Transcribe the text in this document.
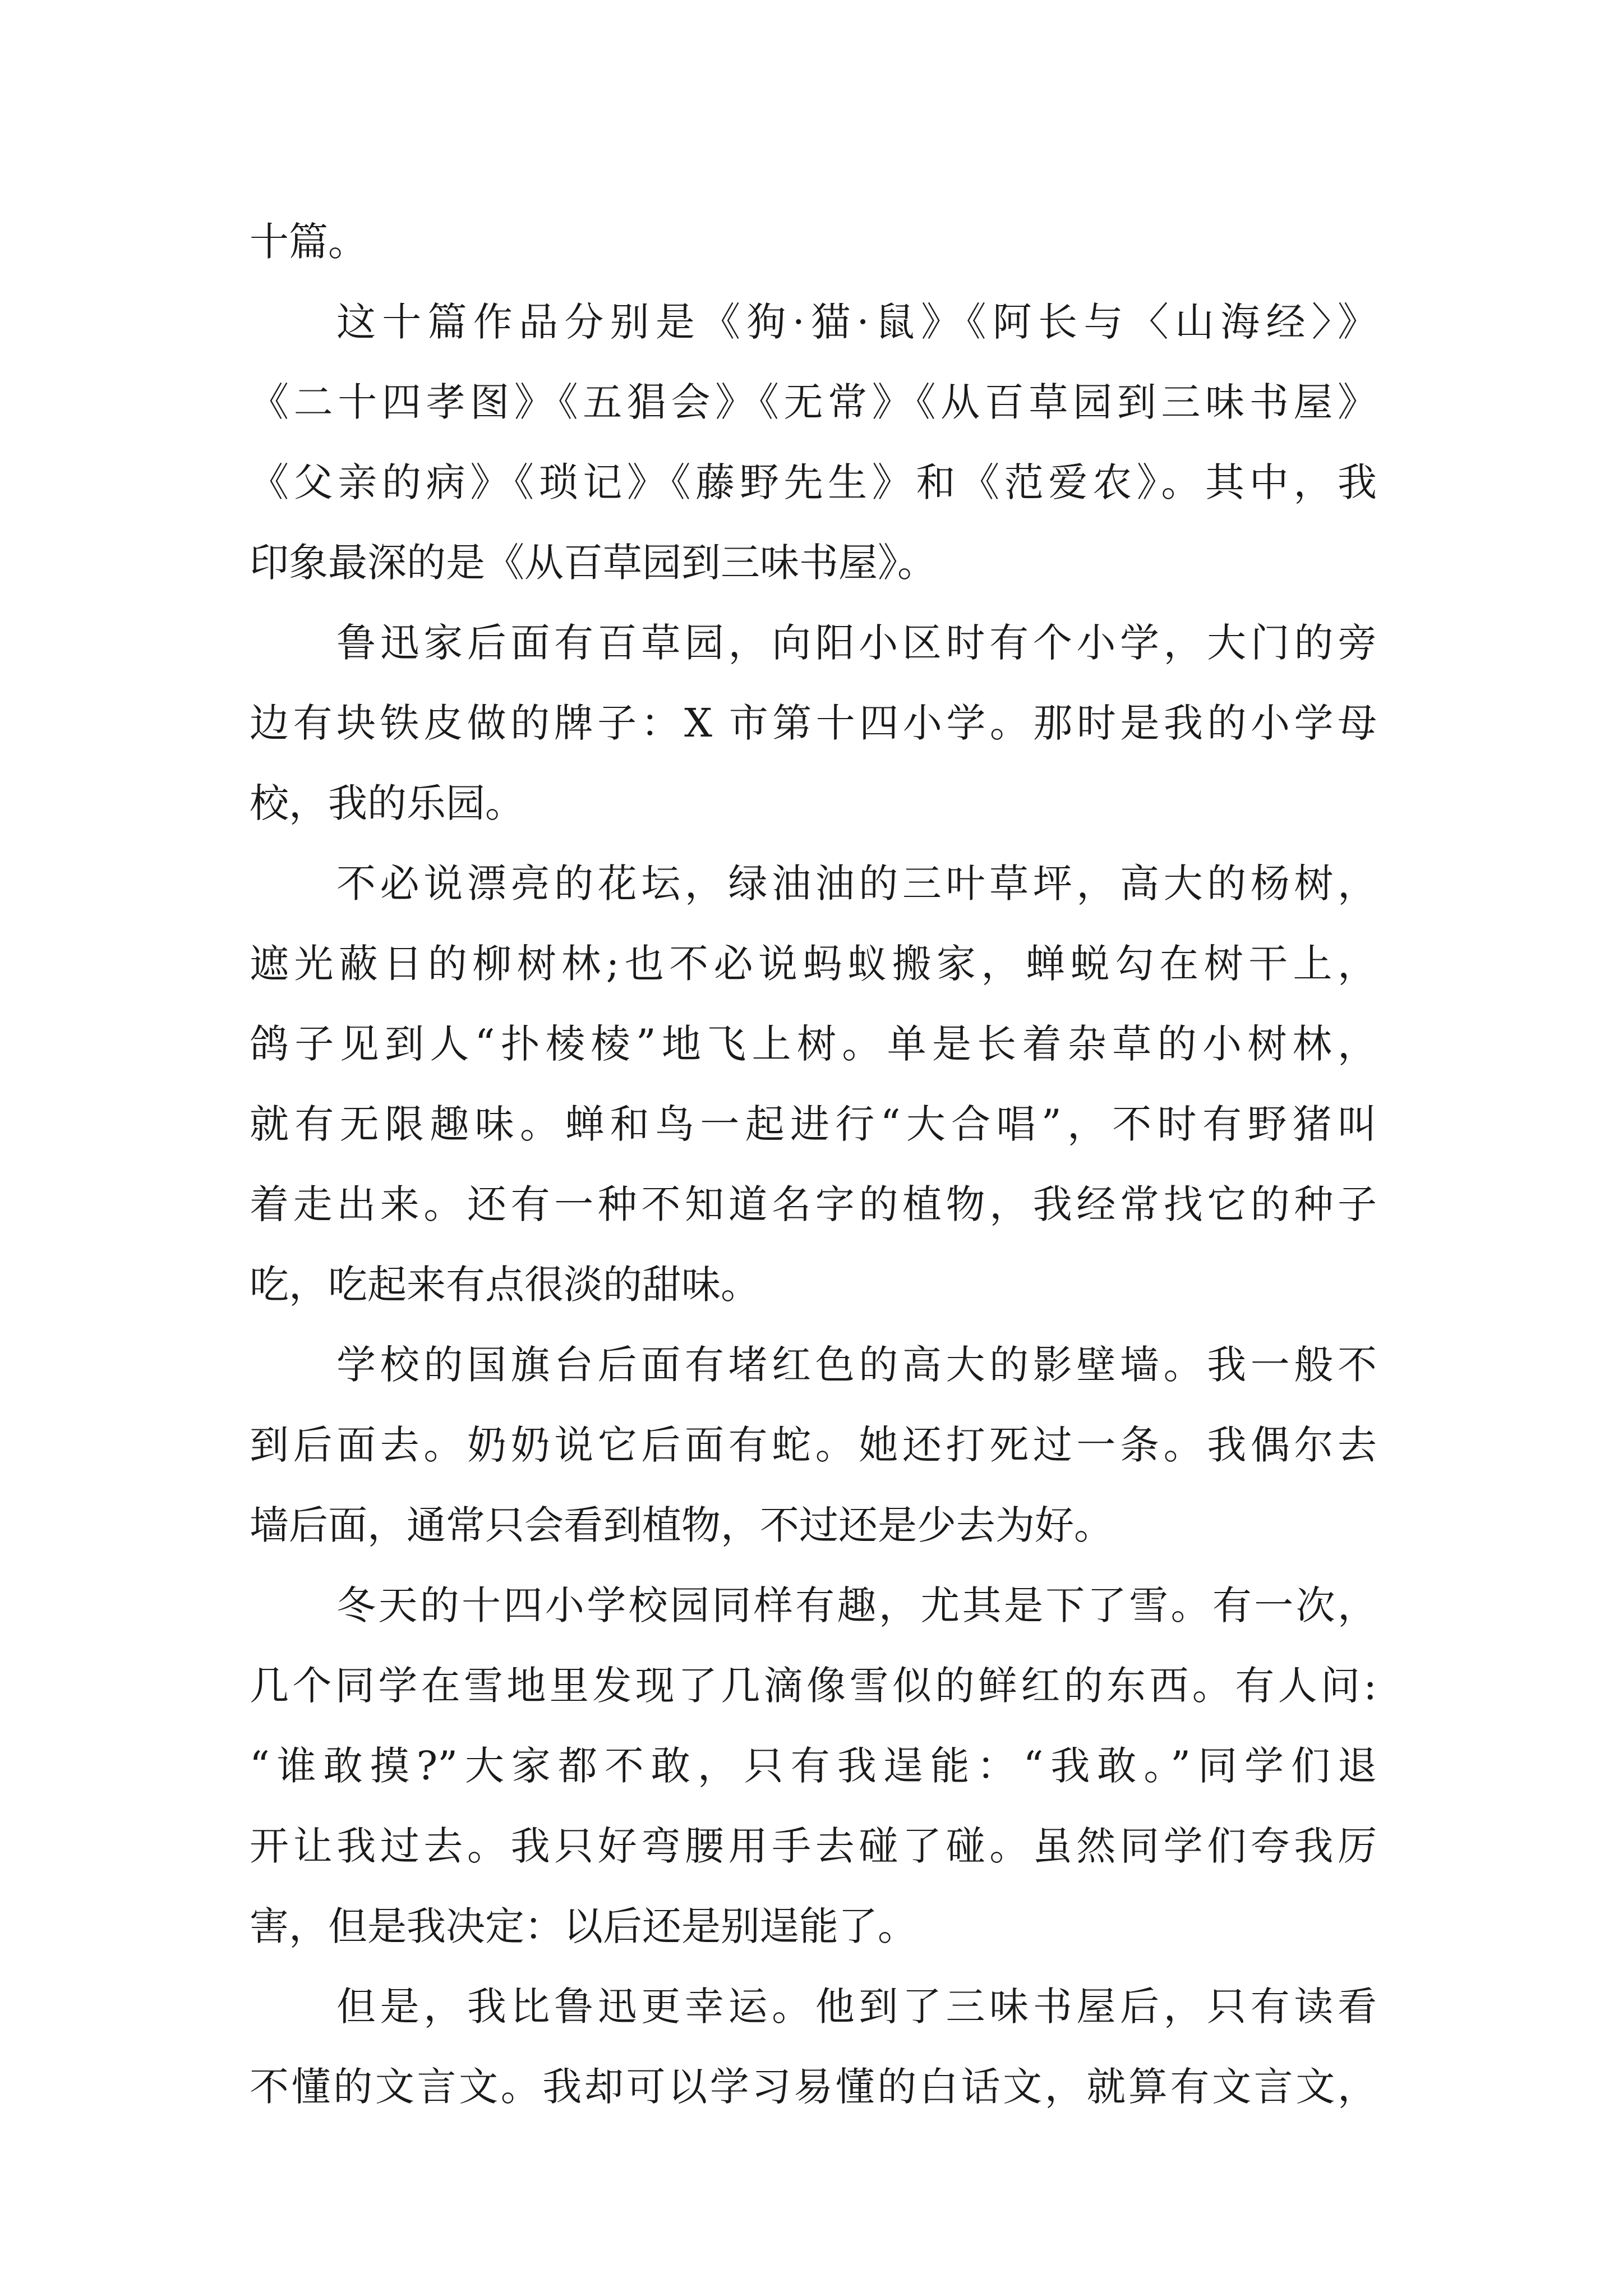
十篇。
这十篇作品分别是《狗·猫·鼠》《阿长与〈山海经〉》
《二十四孝图》《五猖会》《无常》《从百草园到三味书屋》
《父亲的病》《琐记》《藤野先生》和《范爱农》。其中，我
印象最深的是《从百草园到三味书屋》。
鲁迅家后面有百草园，向阳小区时有个小学，大门的旁
边有块铁皮做的牌子：X 市第十四小学。那时是我的小学母
校，我的乐园。
不必说漂亮的花坛，绿油油的三叶草坪，高大的杨树，
遮光蔽日的柳树林;也不必说蚂蚁搬家，蝉蜕勾在树干上，
鸽子见到人“扑棱棱”地飞上树。单是长着杂草的小树林，
就有无限趣味。蝉和鸟一起进行“大合唱”，不时有野猪叫
着走出来。还有一种不知道名字的植物，我经常找它的种子
吃，吃起来有点很淡的甜味。
学校的国旗台后面有堵红色的高大的影壁墙。我一般不
到后面去。奶奶说它后面有蛇。她还打死过一条。我偶尔去
墙后面，通常只会看到植物，不过还是少去为好。
冬天的十四小学校园同样有趣，尤其是下了雪。有一次，
几个同学在雪地里发现了几滴像雪似的鲜红的东西。有人问:
“谁敢摸?”大家都不敢，只有我逞能：“我敢。”同学们退
开让我过去。我只好弯腰用手去碰了碰。虽然同学们夸我厉
害，但是我决定：以后还是别逞能了。
但是，我比鲁迅更幸运。他到了三味书屋后，只有读看
不懂的文言文。我却可以学习易懂的白话文，就算有文言文，
